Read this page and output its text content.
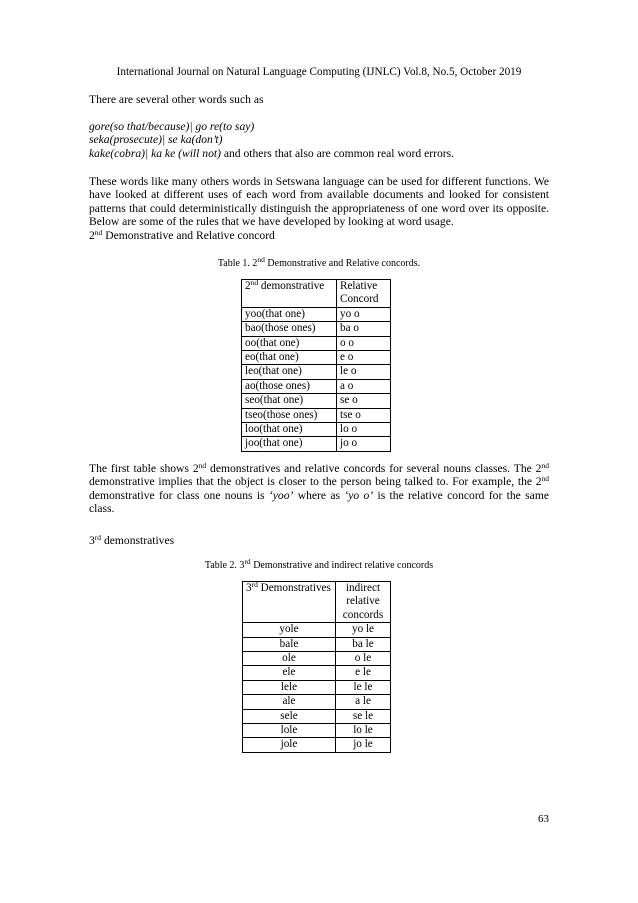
International Journal on Natural Language Computing (IJNLC) Vol.8, No.5, October 2019

There are several other words such as

gore(so that/because)| go re(to say)

seka(prosecute)| se ka(don’t)

kake(cobra)| ka ke (will not) and others that also are common real word errors.

These words like many others words in Setswana language can be used for different functions. We have looked at different uses of each word from available documents and looked for consistent patterns that could deterministically distinguish the appropriateness of one word over its opposite. Below are some of the rules that we have developed by looking at word usage.

2nd Demonstrative and Relative concord

Table 1. 2nd Demonstrative and Relative concords.
2nd demonstrative	Relative Concord
yoo(that one)	yo o
bao(those ones)	ba o
oo(that one)	o o
eo(that one)	e o
leo(that one)	le o
ao(those ones)	a o
seo(that one)	se o
tseo(those ones)	tse o
loo(that one)	lo o
joo(that one)	jo o

The first table shows 2nd demonstratives and relative concords for several nouns classes. The 2nd demonstrative implies that the object is closer to the person being talked to. For example, the 2nd demonstrative for class one nouns is ‘yoo’ where as ‘yo o’ is the relative concord for the same class.

3rd demonstratives

Table 2. 3rd Demonstrative and indirect relative concords
3rd Demonstratives	indirect relative concords
yole	yo le
bale	ba le
ole	o le
ele	e le
lele	le le
ale	a le
sele	se le
lole	lo le
jole	jo le
63
